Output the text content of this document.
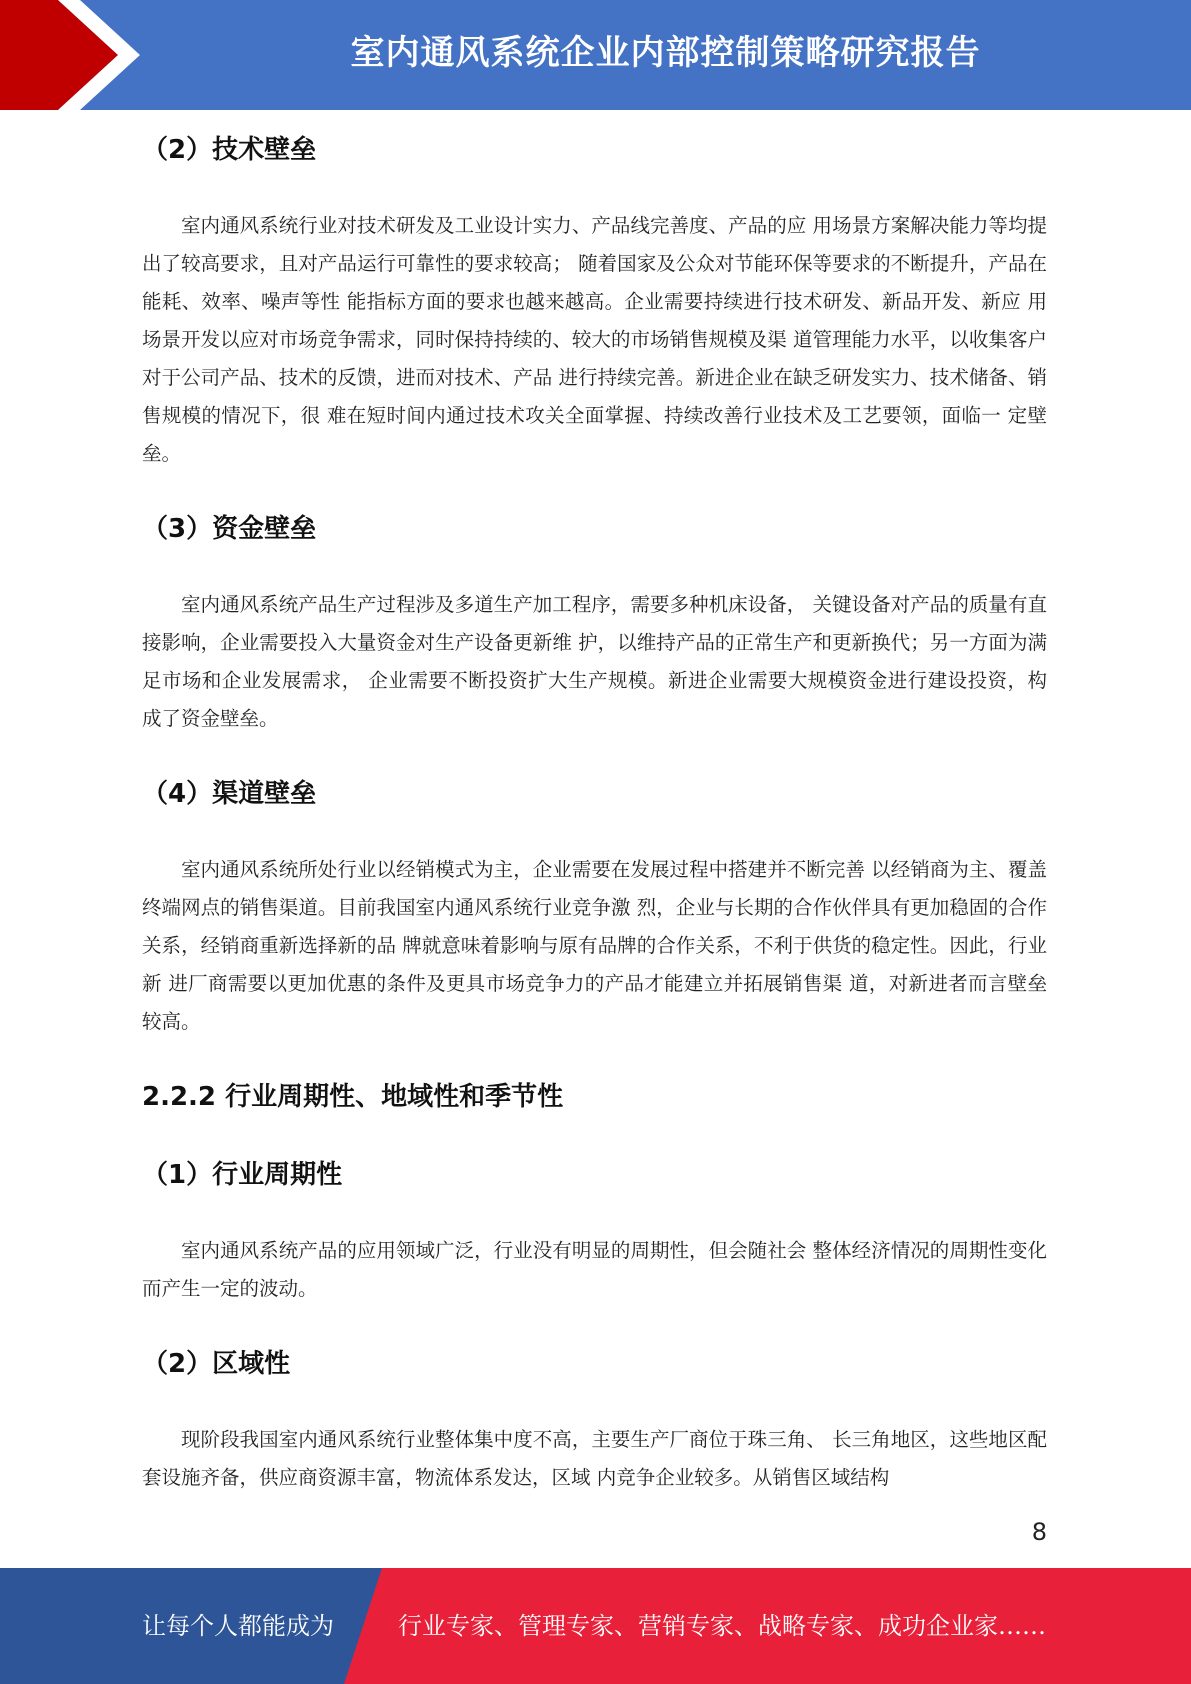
室内通风系统企业内部控制策略研究报告
（2）技术壁垒

室内通风系统行业对技术研发及工业设计实力、产品线完善度、产品的应 用场景方案解决能力等均提出了较高要求，且对产品运行可靠性的要求较高； 随着国家及公众对节能环保等要求的不断提升，产品在能耗、效率、噪声等性 能指标方面的要求也越来越高。企业需要持续进行技术研发、新品开发、新应 用场景开发以应对市场竞争需求，同时保持持续的、较大的市场销售规模及渠 道管理能力水平，以收集客户对于公司产品、技术的反馈，进而对技术、产品 进行持续完善。新进企业在缺乏研发实力、技术储备、销售规模的情况下，很 难在短时间内通过技术攻关全面掌握、持续改善行业技术及工艺要领，面临一 定壁垒。

（3）资金壁垒

室内通风系统产品生产过程涉及多道生产加工程序，需要多种机床设备， 关键设备对产品的质量有直接影响，企业需要投入大量资金对生产设备更新维 护，以维持产品的正常生产和更新换代；另一方面为满足市场和企业发展需求， 企业需要不断投资扩大生产规模。新进企业需要大规模资金进行建设投资，构 成了资金壁垒。

（4）渠道壁垒

室内通风系统所处行业以经销模式为主，企业需要在发展过程中搭建并不断完善 以经销商为主、覆盖终端网点的销售渠道。目前我国室内通风系统行业竞争激 烈，企业与长期的合作伙伴具有更加稳固的合作关系，经销商重新选择新的品 牌就意味着影响与原有品牌的合作关系，不利于供货的稳定性。因此，行业新 进厂商需要以更加优惠的条件及更具市场竞争力的产品才能建立并拓展销售渠 道，对新进者而言壁垒较高。

2.2.2 行业周期性、地域性和季节性
（1）行业周期性

室内通风系统产品的应用领域广泛，行业没有明显的周期性，但会随社会 整体经济情况的周期性变化而产生一定的波动。

（2）区域性

现阶段我国室内通风系统行业整体集中度不高，主要生产厂商位于珠三角、 长三角地区，这些地区配套设施齐备，供应商资源丰富，物流体系发达，区域 内竞争企业较多。从销售区域结构

8
让每个人都能成为	行业专家、管理专家、营销专家、战略专家、成功企业家……
